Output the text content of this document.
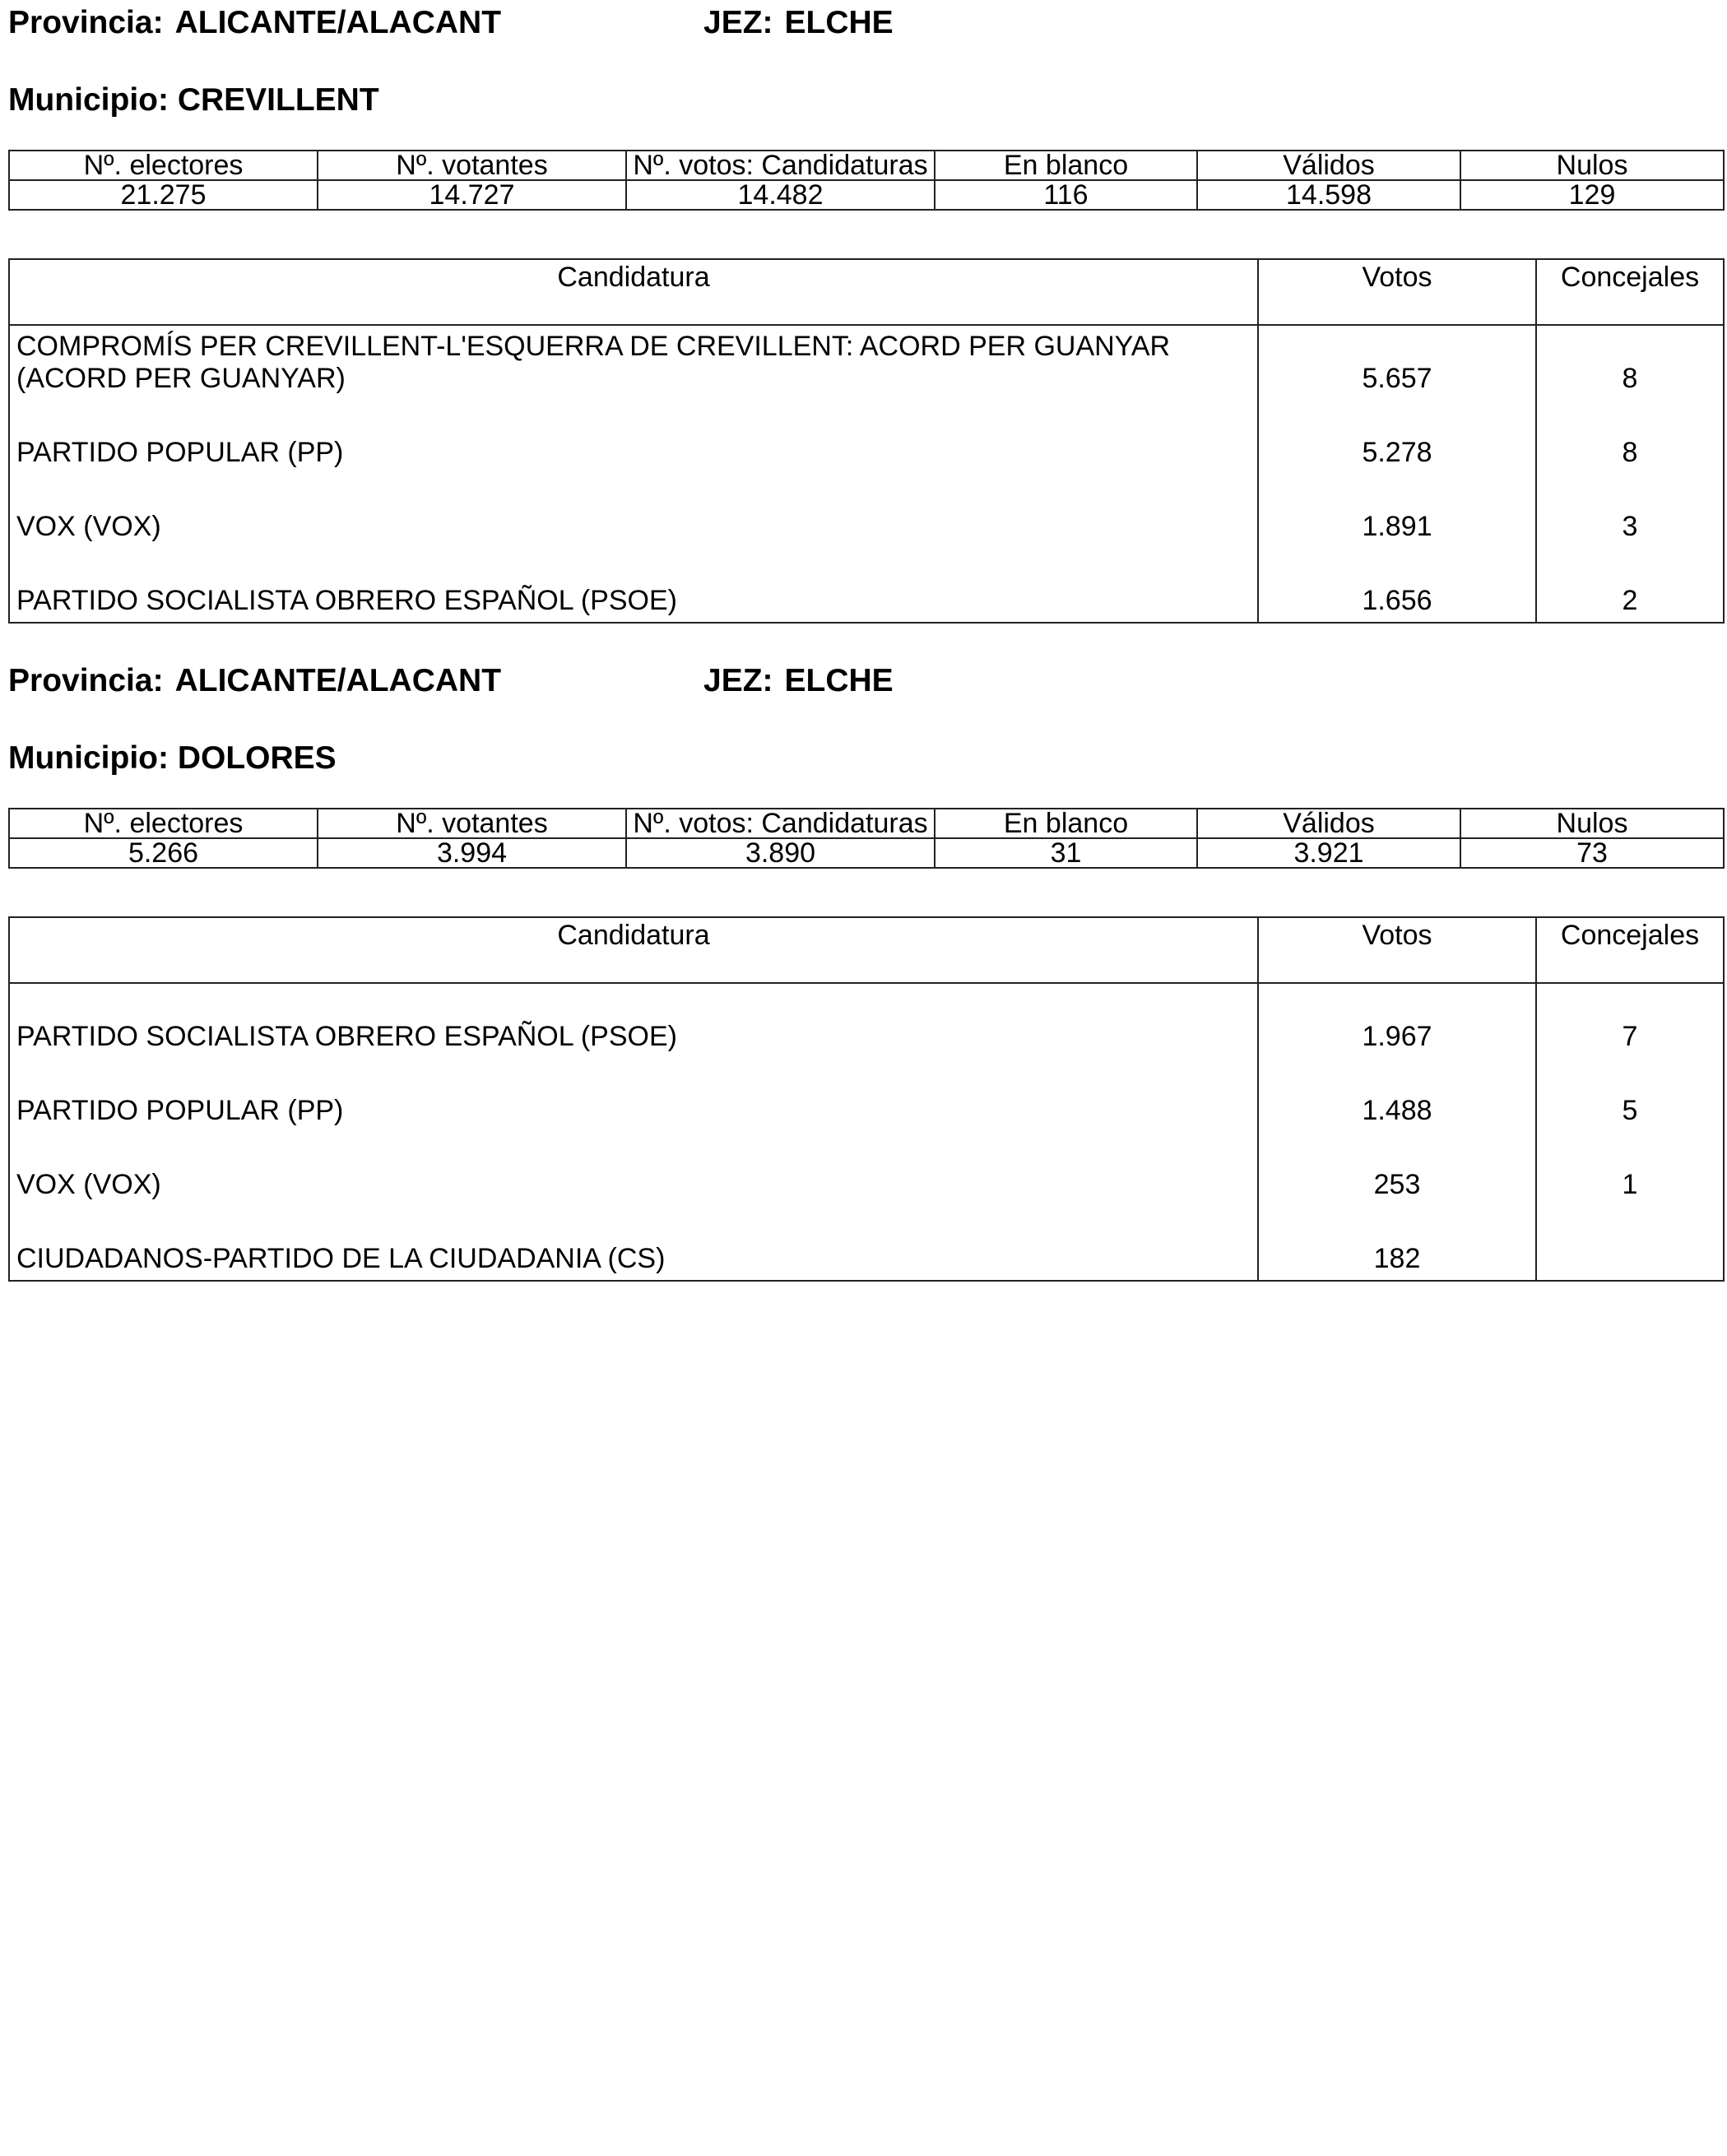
Provincia: ALICANTE/ALACANT	JEZ: ELCHE
Municipio: CREVILLENT
Nº. electores	Nº. votantes	Nº. votos: Candidaturas	En blanco	Válidos	Nulos
21.275	14.727	14.482	116	14.598	129
Candidatura	Votos	Concejales
COMPROMÍS PER CREVILLENT-L'ESQUERRA DE CREVILLENT: ACORD PER GUANYAR (ACORD PER GUANYAR)	5.657	8
PARTIDO POPULAR (PP)	5.278	8
VOX (VOX)	1.891	3
PARTIDO SOCIALISTA OBRERO ESPAÑOL (PSOE)	1.656	2
Provincia: ALICANTE/ALACANT	JEZ: ELCHE
Municipio: DOLORES
Nº. electores	Nº. votantes	Nº. votos: Candidaturas	En blanco	Válidos	Nulos
5.266	3.994	3.890	31	3.921	73
Candidatura	Votos	Concejales
PARTIDO SOCIALISTA OBRERO ESPAÑOL (PSOE)	1.967	7
PARTIDO POPULAR (PP)	1.488	5
VOX (VOX)	253	1
CIUDADANOS-PARTIDO DE LA CIUDADANIA (CS)	182	
